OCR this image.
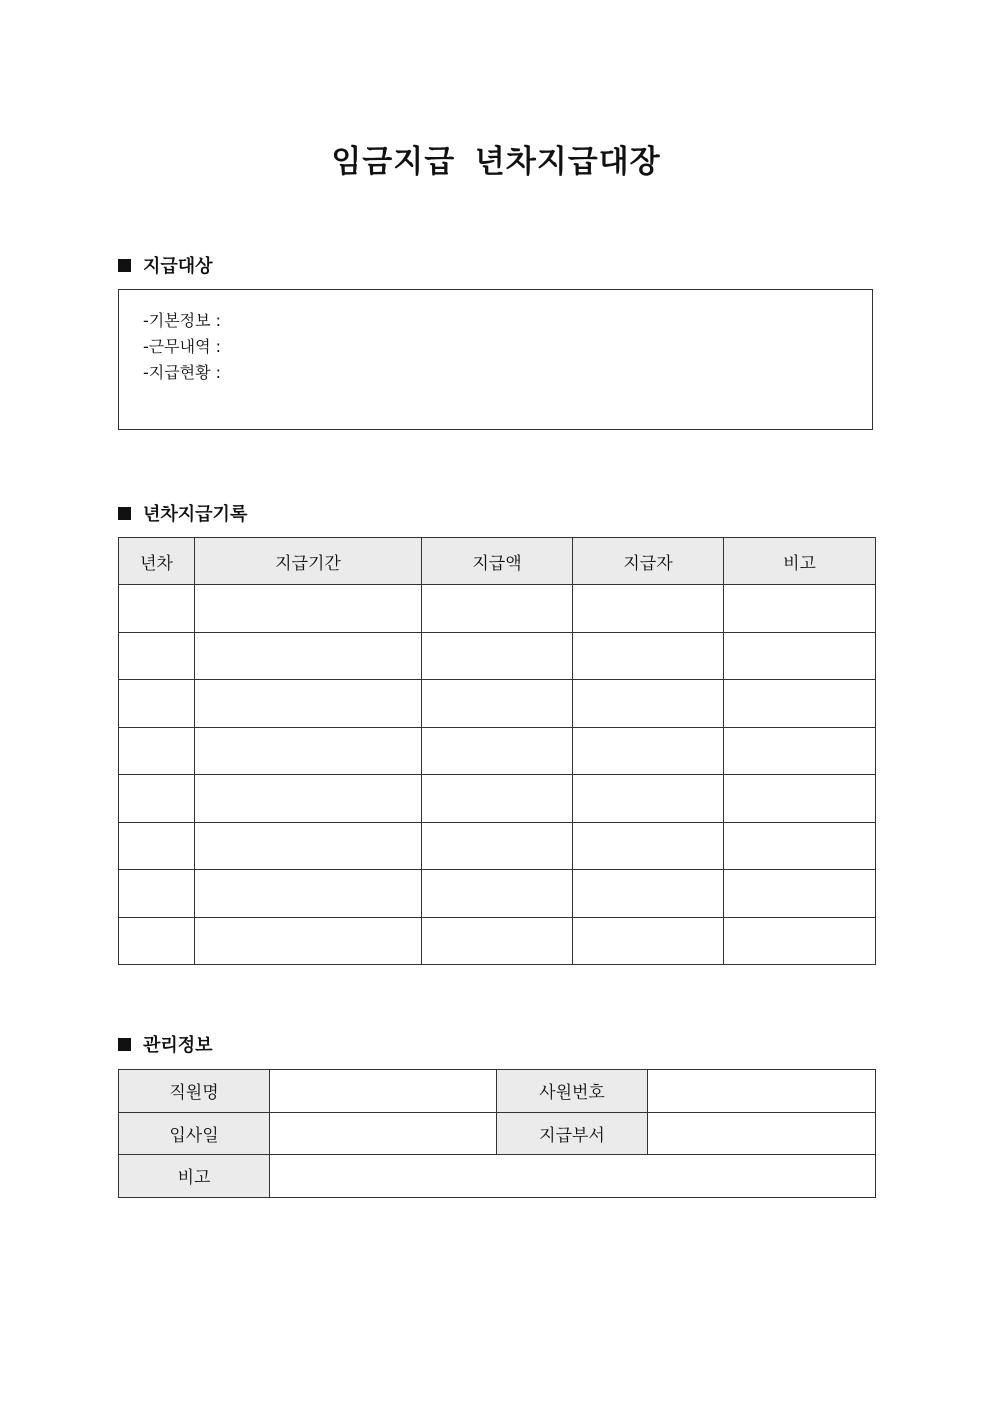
임금지급 년차지급대장
지급대상
-기본정보 :
-근무내역 :
-지급현황 :
년차지급기록
년차	지급기간	지급액	지급자	비고

관리정보
직원명		사원번호	
입사일		지급부서	
비고			
